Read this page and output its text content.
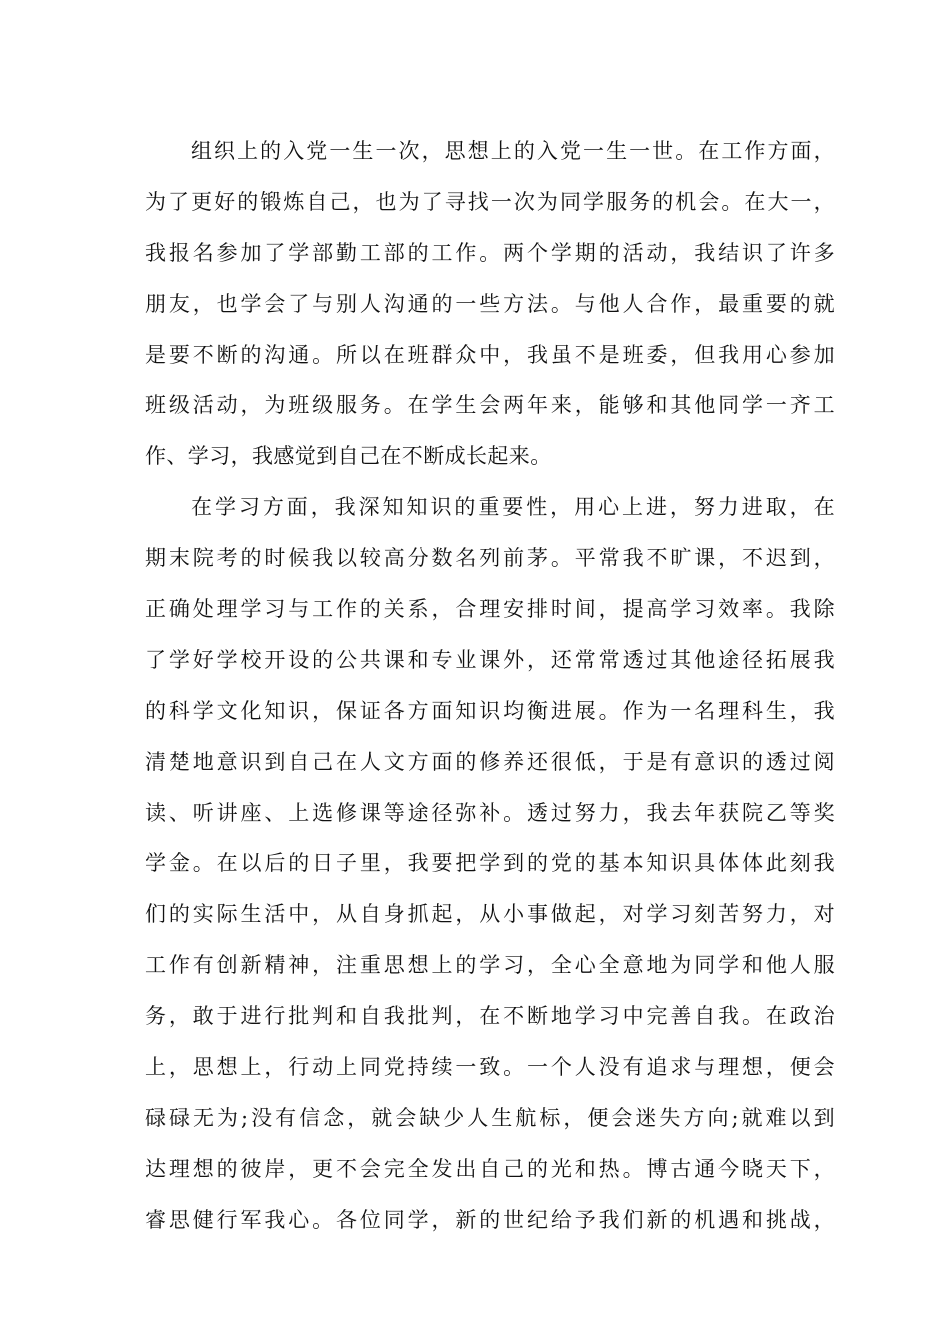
组织上的入党一生一次，思想上的入党一生一世。在工作方面，
为了更好的锻炼自己，也为了寻找一次为同学服务的机会。在大一，
我报名参加了学部勤工部的工作。两个学期的活动，我结识了许多
朋友，也学会了与别人沟通的一些方法。与他人合作，最重要的就
是要不断的沟通。所以在班群众中，我虽不是班委，但我用心参加
班级活动，为班级服务。在学生会两年来，能够和其他同学一齐工
作、学习，我感觉到自己在不断成长起来。
在学习方面，我深知知识的重要性，用心上进，努力进取，在
期末院考的时候我以较高分数名列前茅。平常我不旷课，不迟到，
正确处理学习与工作的关系，合理安排时间，提高学习效率。我除
了学好学校开设的公共课和专业课外，还常常透过其他途径拓展我
的科学文化知识，保证各方面知识均衡进展。作为一名理科生，我
清楚地意识到自己在人文方面的修养还很低，于是有意识的透过阅
读、听讲座、上选修课等途径弥补。透过努力，我去年获院乙等奖
学金。在以后的日子里，我要把学到的党的基本知识具体体此刻我
们的实际生活中，从自身抓起，从小事做起，对学习刻苦努力，对
工作有创新精神，注重思想上的学习，全心全意地为同学和他人服
务，敢于进行批判和自我批判，在不断地学习中完善自我。在政治
上，思想上，行动上同党持续一致。一个人没有追求与理想，便会
碌碌无为;没有信念，就会缺少人生航标，便会迷失方向;就难以到
达理想的彼岸，更不会完全发出自己的光和热。博古通今晓天下，
睿思健行军我心。各位同学，新的世纪给予我们新的机遇和挑战，
